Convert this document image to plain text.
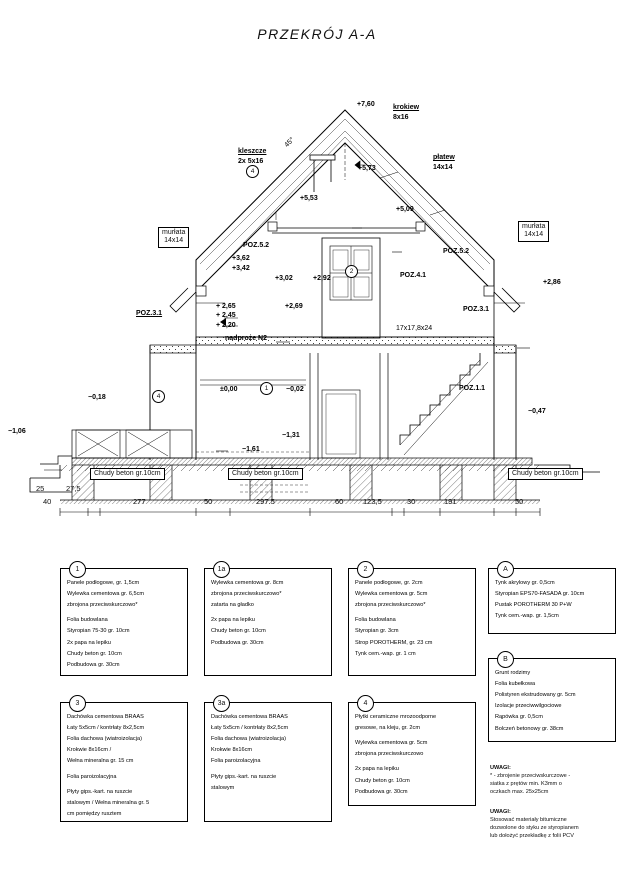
PRZEKRÓJ A-A
+7,60	krokiew
8x16
płatew
14x14
kleszcze
2x 5x16
45°
+5,73
+5,53
+5,09
murłata
14x14
murłata
14x14
POZ.5.2
POZ.5.2
+3,62
+3,42
+3,02	+2,92
+2,86
+ 2,65
+ 2,45
+ 2,20
+2,69
POZ.3.1
POZ.3.1
POZ.4.1
POZ.1.1
nadproże N2
17x17,8x24
±0,00	−0,02
−0,18
−0,47
−1,06
−1,31
−1,61
Chudy beton gr.10cm	Chudy beton gr.10cm	Chudy beton gr.10cm
4
2
1
4
25	27,5
40	277	50	297.5	60	123,5	30	191	50
1
Panele podłogowe, gr. 1,5cm
Wylewka cementowa gr. 6,5cm
zbrojona przeciwskurczowo*
Folia budowlana
Styropian 75-30 gr. 10cm
2x papa na lepiku
Chudy beton gr. 10cm
Podbudowa gr. 30cm
1a
Wylewka cementowa gr. 8cm
zbrojona przeciwskurczowo*
zatarta na gładko
2x papa na lepiku
Chudy beton gr. 10cm
Podbudowa gr. 30cm
2
Panele podłogowe, gr. 2cm
Wylewka cementowa gr. 5cm
zbrojona przeciwskurczowo*
Folia budowlana
Styropian gr. 3cm
Strop POROTHERM, gr. 23 cm
Tynk cem.-wap. gr. 1 cm
A
Tynk akrylowy gr. 0,5cm
Styropian EPS70-FASADA gr. 10cm
Pustak POROTHERM 30 P+W
Tynk cem.-wap. gr. 1,5cm
B
Grunt rodzimy
Folia kubełkowa
Polistyren ekstrudowany gr. 5cm
Izolacje przeciwwilgociowe
Rąpówka gr. 0,5cm
Bolczeń betonowy gr. 38cm
3
Dachówka cementowa BRAAS
Łaty 5x5cm / kontrłaty 8x2,5cm
Folia dachowa (wiatroizolacja)
Krokwie 8x16cm /
Wełna mineralna gr. 15 cm
Folia paroizolacyjna
Płyty gips.-kart. na ruszcie
stalowym / Wełna mineralna gr. 5
cm pomiędzy rusztem
3a
Dachówka cementowa BRAAS
Łaty 5x5cm / kontrłaty 8x2,5cm
Folia dachowa (wiatroizolacja)
Krokwie 8x16cm
Folia paroizolacyjna
Płyty gips.-kart. na ruszcie
stalowym
4
Płytki ceramiczne mrozoodporne
gresowe, na kleju, gr. 2cm
Wylewka cementowa gr. 5cm
zbrojona przeciwskurczowo
2x papa na lepiku
Chudy beton gr. 10cm
Podbudowa gr. 30cm
UWAGI:
* - zbrojenie przeciwskurczowe -
siatka z prętów min. K3mm o
oczkach max. 25x25cm
UWAGI:
Stosować materiały bitumiczne
dozwolone do styku ze styropianem
lub dołożyć przekładkę z folii PCV
